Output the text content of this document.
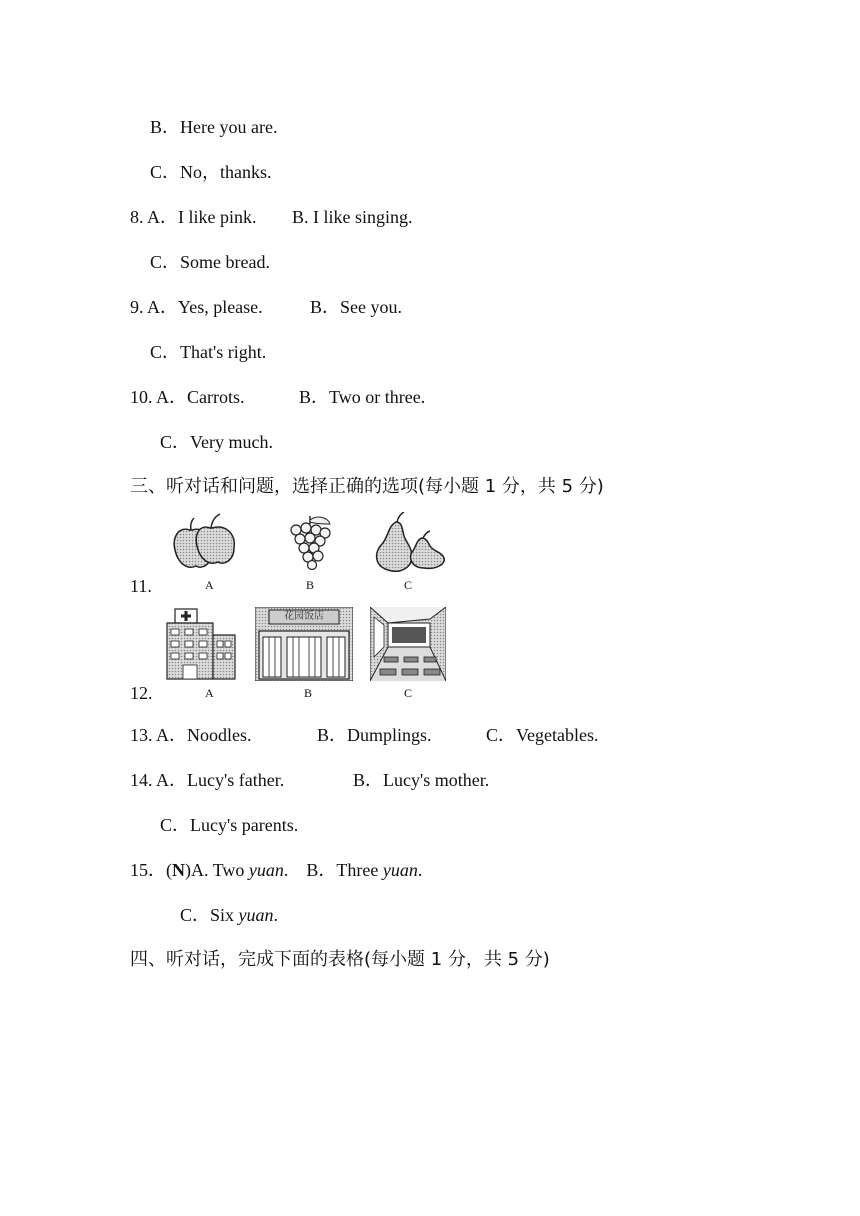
B．Here you are.
C．No，thanks.
8. A．I like pink. B. I like singing.
C．Some bread.
9. A．Yes, please.	B．See you.
C．That's right.
10. A．Carrots.	B．Two or three.
C．Very much.
三、听对话和问题，选择正确的选项(每小题 1 分，共 5 分)
11.	A	B	C
12.	A
花园饭店
B	C
13. A．Noodles.	B．Dumplings.	C．Vegetables.
14. A．Lucy's father.	B．Lucy's mother.
C．Lucy's parents.
15．(N)A. Two yuan.    B．Three yuan.
C．Six yuan.
四、听对话，完成下面的表格(每小题 1 分，共 5 分)
